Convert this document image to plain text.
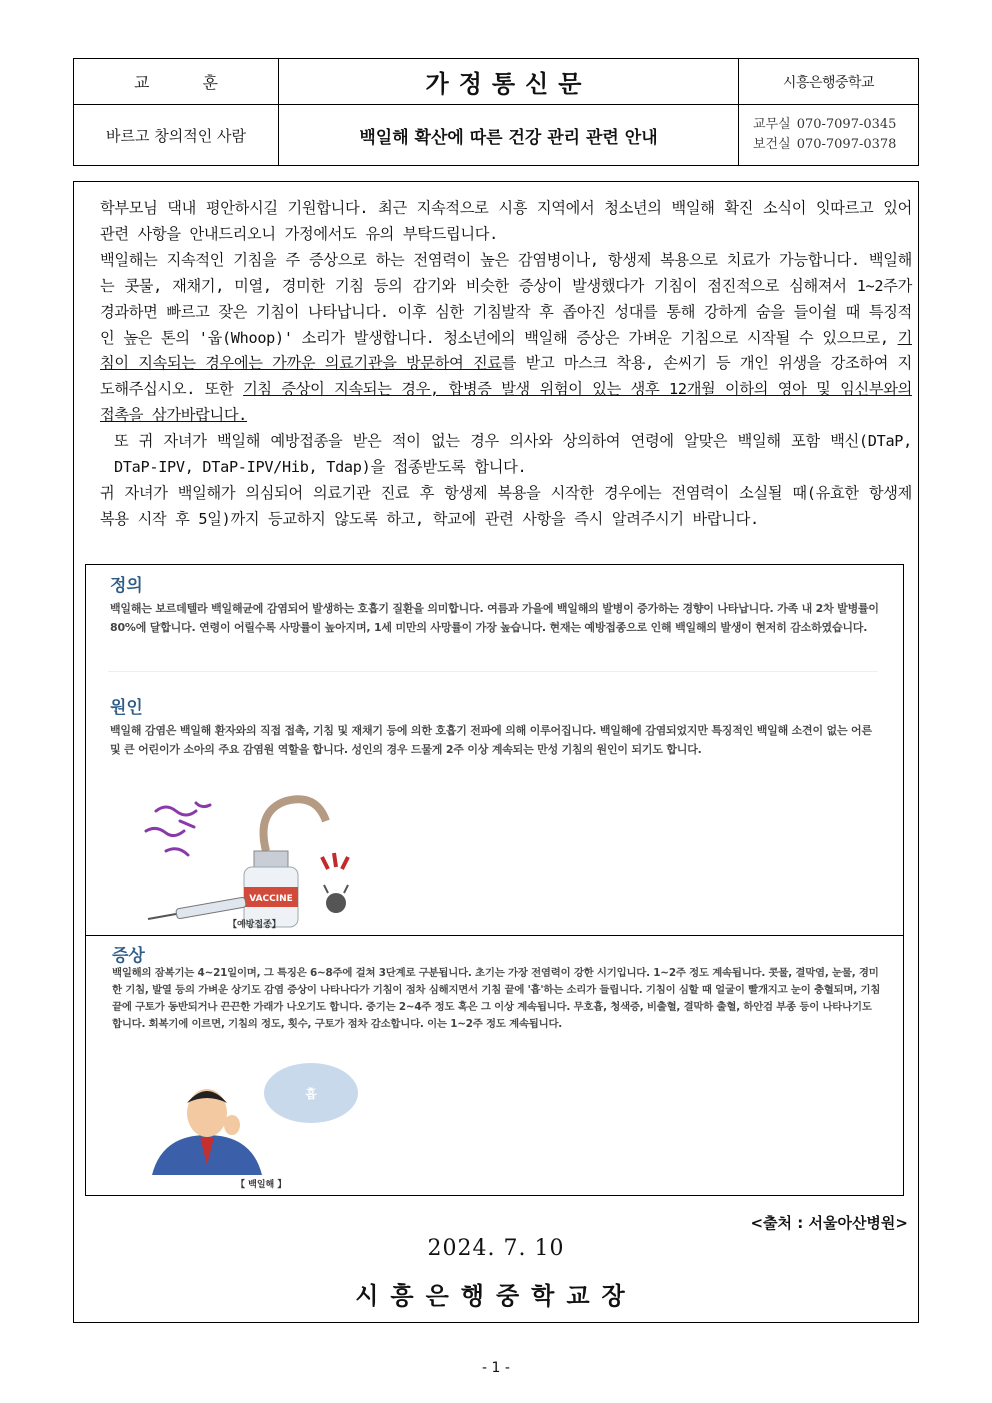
교 훈	가정통신문	시흥은행중학교
바르고 창의적인 사람	백일해 확산에 따른 건강 관리 관련 안내
교무실 070-7097-0345
보건실 070-7097-0378

학부모님 댁내 평안하시길 기원합니다. 최근 지속적으로 시흥 지역에서 청소년의 백일해 확진 소식이 잇따르고 있어 관련 사항을 안내드리오니 가정에서도 유의 부탁드립니다.

백일해는 지속적인 기침을 주 증상으로 하는 전염력이 높은 감염병이나, 항생제 복용으로 치료가 가능합니다. 백일해는 콧물, 재채기, 미열, 경미한 기침 등의 감기와 비슷한 증상이 발생했다가 기침이 점진적으로 심해져서 1~2주가 경과하면 빠르고 잦은 기침이 나타납니다. 이후 심한 기침발작 후 좁아진 성대를 통해 강하게 숨을 들이쉴 때 특징적인 높은 톤의 '웁(Whoop)' 소리가 발생합니다. 청소년에의 백일해 증상은 가벼운 기침으로 시작될 수 있으므로, 기침이 지속되는 경우에는 가까운 의료기관을 방문하여 진료를 받고 마스크 착용, 손씨기 등 개인 위생을 강조하여 지도해주십시오. 또한 기침 증상이 지속되는 경우, 합병증 발생 위험이 있는 생후 12개월 이하의 영아 및 임신부와의 접촉을 삼가바랍니다.

또 귀 자녀가 백일해 예방접종을 받은 적이 없는 경우 의사와 상의하여 연령에 알맞은 백일해 포함 백신(DTaP, DTaP-IPV, DTaP-IPV/Hib, Tdap)을 접종받도록 합니다.

귀 자녀가 백일해가 의심되어 의료기관 진료 후 항생제 복용을 시작한 경우에는 전염력이 소실될 때(유효한 항생제 복용 시작 후 5일)까지 등교하지 않도록 하고, 학교에 관련 사항을 즉시 알려주시기 바랍니다.

정의
백일해는 보르데텔라 백일해균에 감염되어 발생하는 호흡기 질환을 의미합니다. 여름과 가을에 백일해의 발병이 증가하는 경향이 나타납니다. 가족 내 2차 발병률이 80%에 달합니다. 연령이 어릴수록 사망률이 높아지며, 1세 미만의 사망률이 가장 높습니다. 현재는 예방접종으로 인해 백일해의 발생이 현저히 감소하였습니다.
원인
백일해 감염은 백일해 환자와의 직접 접촉, 기침 및 재채기 등에 의한 호흡기 전파에 의해 이루어집니다. 백일해에 감염되었지만 특징적인 백일해 소견이 없는 어른 및 큰 어린이가 소아의 주요 감염원 역할을 합니다. 성인의 경우 드물게 2주 이상 계속되는 만성 기침의 원인이 되기도 합니다.
VACCINE
【예방접종】
증상
백일해의 잠복기는 4~21일이며, 그 특징은 6~8주에 걸쳐 3단계로 구분됩니다. 초기는 가장 전염력이 강한 시기입니다. 1~2주 정도 계속됩니다. 콧물, 결막염, 눈물, 경미한 기침, 발열 등의 가벼운 상기도 감염 증상이 나타나다가 기침이 점차 심해지면서 기침 끝에 '흡'하는 소리가 들립니다. 기침이 심할 때 얼굴이 빨개지고 눈이 충혈되며, 기침 끝에 구토가 동반되거나 끈끈한 가래가 나오기도 합니다. 중기는 2~4주 정도 혹은 그 이상 계속됩니다. 무호흡, 청색증, 비출혈, 결막하 출혈, 하안검 부종 등이 나타나기도 합니다. 회복기에 이르면, 기침의 정도, 횟수, 구토가 점차 감소합니다. 이는 1~2주 정도 계속됩니다.
흡
【 백일해 】
<출처 : 서울아산병원>
2024. 7. 10
시흥은행중학교장
- 1 -
